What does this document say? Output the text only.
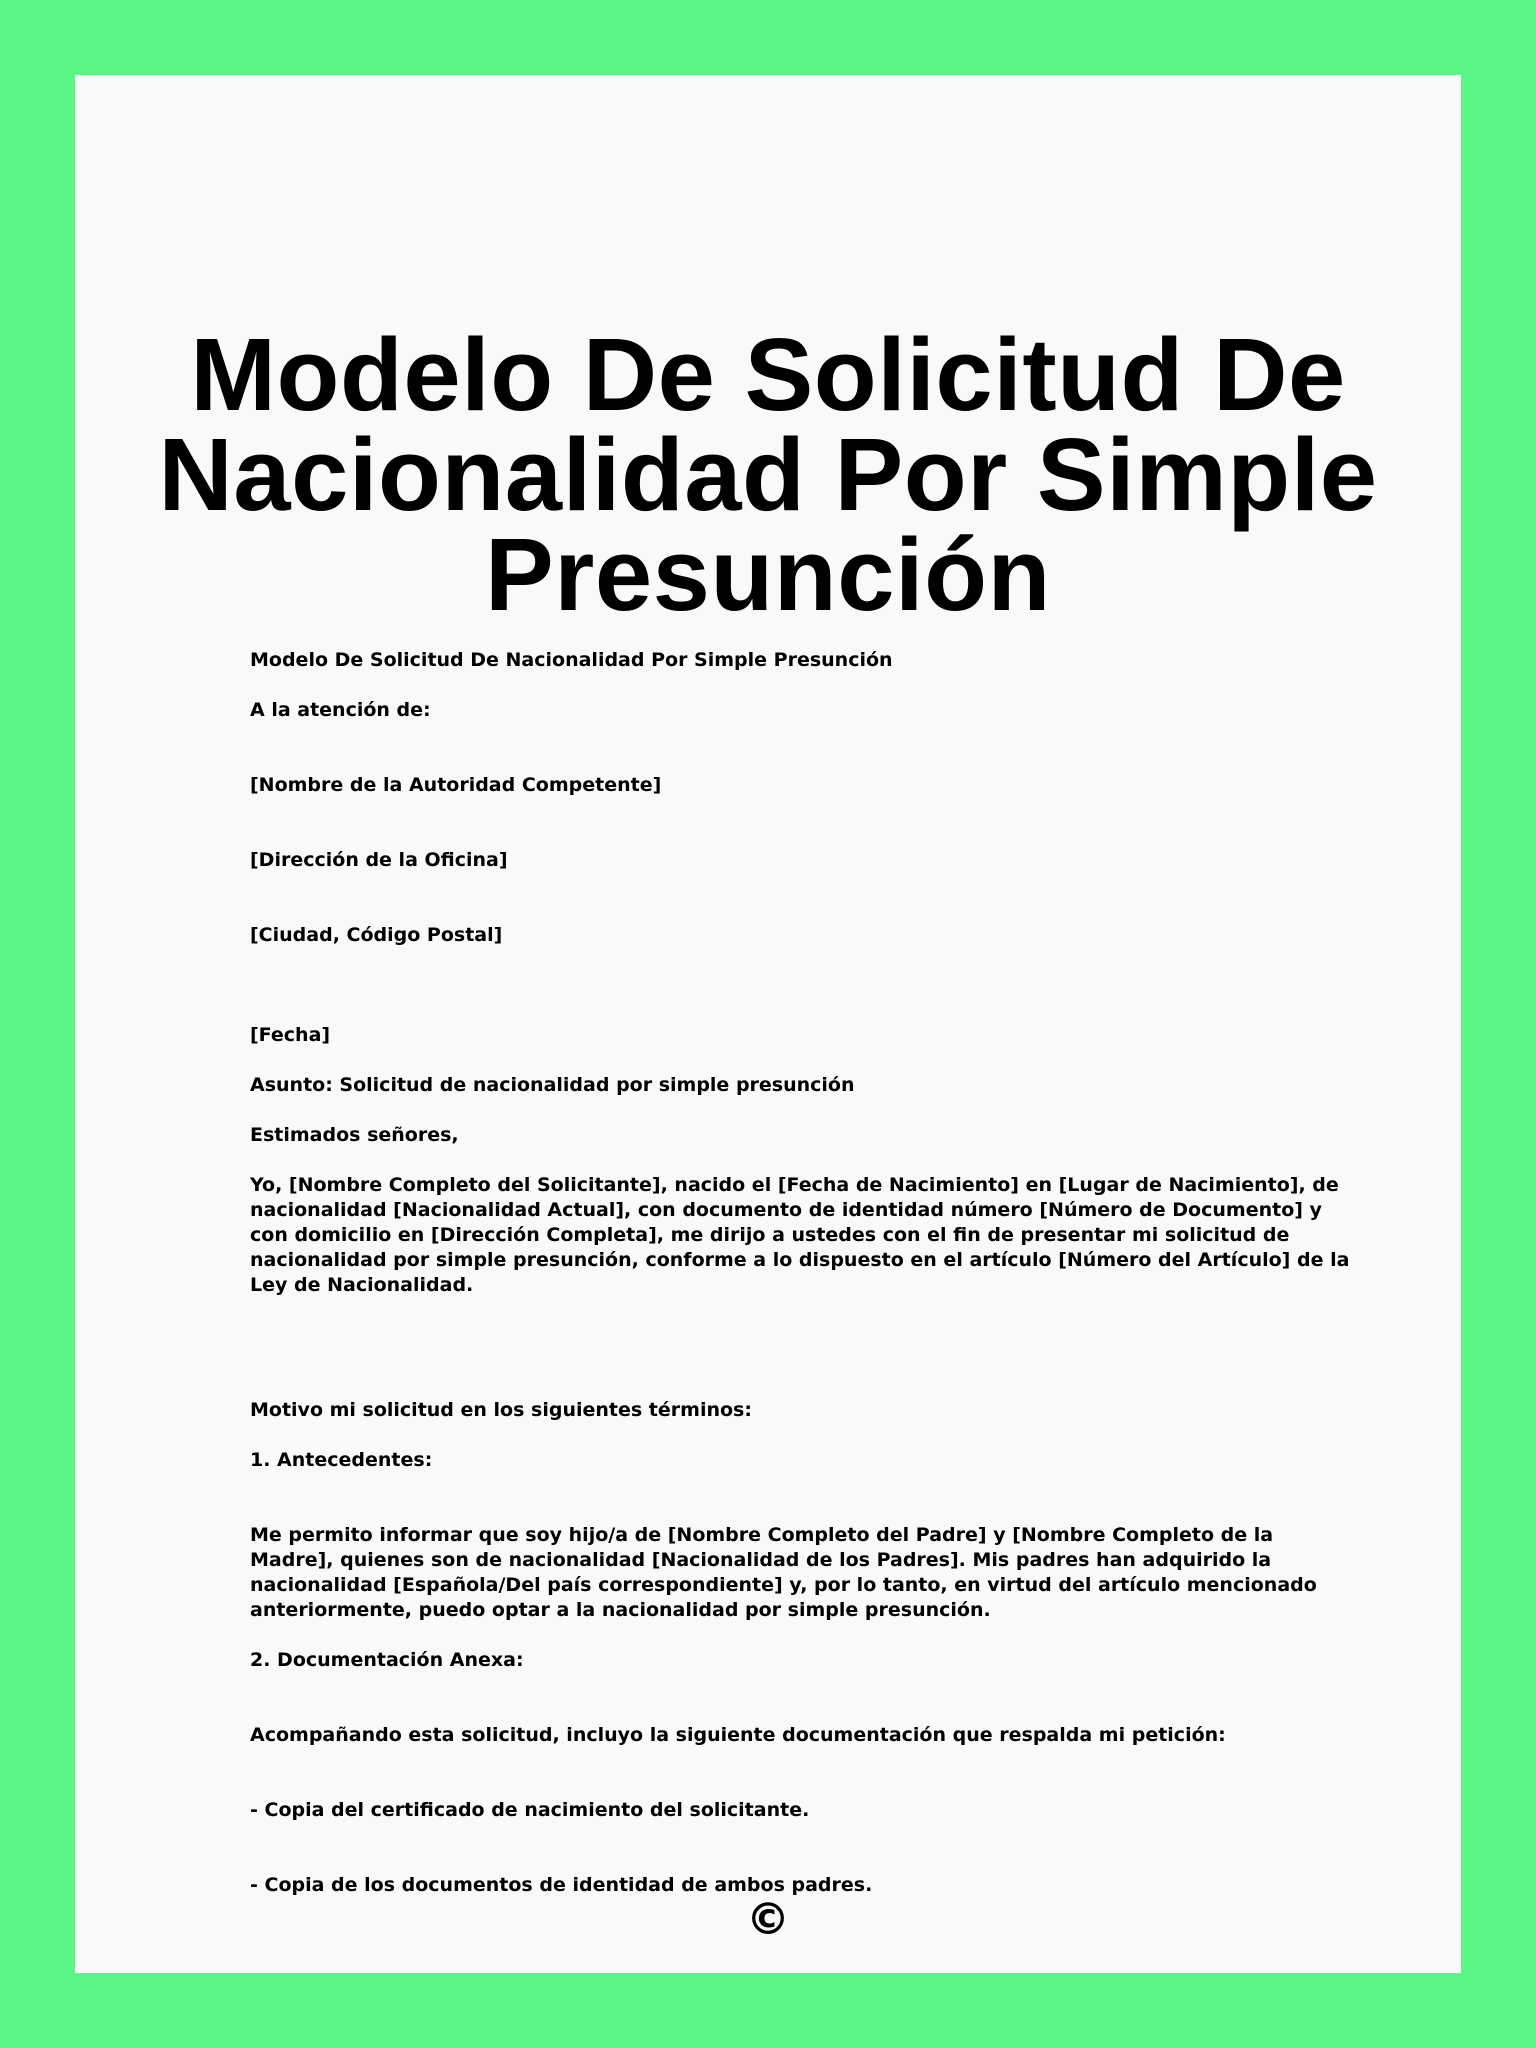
Modelo De Solicitud De Nacionalidad Por Simple Presunción

Modelo De Solicitud De Nacionalidad Por Simple Presunción

A la atención de:

[Nombre de la Autoridad Competente]

[Dirección de la Oficina]

[Ciudad, Código Postal]

[Fecha]

Asunto: Solicitud de nacionalidad por simple presunción

Estimados señores,

Yo, [Nombre Completo del Solicitante], nacido el [Fecha de Nacimiento] en [Lugar de Nacimiento], de nacionalidad [Nacionalidad Actual], con documento de identidad número [Número de Documento] y con domicilio en [Dirección Completa], me dirijo a ustedes con el fin de presentar mi solicitud de nacionalidad por simple presunción, conforme a lo dispuesto en el artículo [Número del Artículo] de la Ley de Nacionalidad.

Motivo mi solicitud en los siguientes términos:

1. Antecedentes:

Me permito informar que soy hijo/a de [Nombre Completo del Padre] y [Nombre Completo de la Madre], quienes son de nacionalidad [Nacionalidad de los Padres]. Mis padres han adquirido la nacionalidad [Española/Del país correspondiente] y, por lo tanto, en virtud del artículo mencionado anteriormente, puedo optar a la nacionalidad por simple presunción.

2. Documentación Anexa:

Acompañando esta solicitud, incluyo la siguiente documentación que respalda mi petición:

- Copia del certificado de nacimiento del solicitante.

- Copia de los documentos de identidad de ambos padres.

©
